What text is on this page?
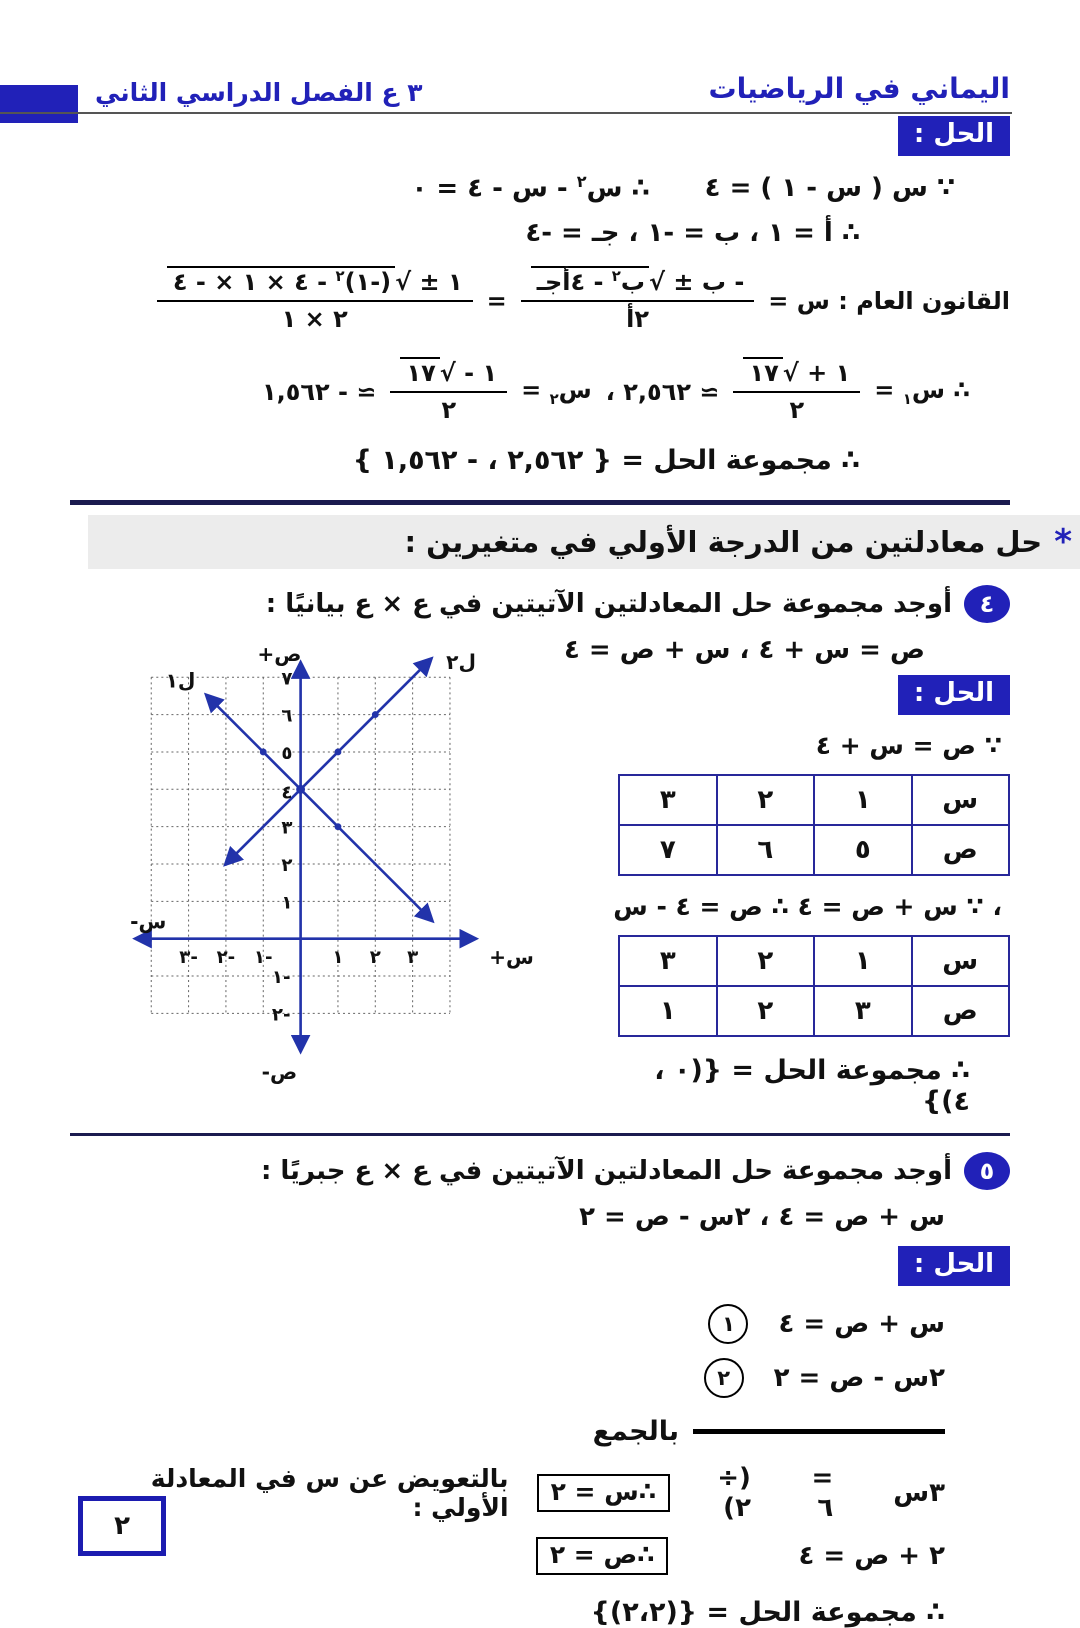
اليماني في الرياضيات
٣ ع الفصل الدراسي الثاني
الحل :
∵ س ( س - ١ ) = ٤
∴ س$^٢$ - س - ٤ = ٠
∴ أ = ١ ، ب = -١ ، جـ = -٤
القانون العام : س =
$\frac{- ب \pm √ب^٢ - ٤أجـ}{\text{٢أ}}$
=
$\frac{١ \pm √(-١)^٢ - ٤ \times ١ \times - ٤}{٢ \times ١}$
∴ س$_١$ =
$\frac{١ + √١٧}{٢}$
≃ ٢,٥٦٢ ،
س$_٢$ =
$\frac{١ - √١٧}{٢}$
≃ - ١,٥٦٢
∴ مجموعة الحل = { ٢,٥٦٢ ، - ١,٥٦٢ }
*
حل معادلتين من الدرجة الأولي في متغيرين :
٤
أوجد مجموعة حل المعادلتين الآتيتين في ع × ع بيانيًا :
ص = س + ٤ ، س + ص = ٤
الحل :
∵ ص = س + ٤
س	١	٢	٣
ص	٥	٦	٧
، ∵ س + ص = ٤ ∴ ص = ٤ - س
س	١	٢	٣
ص	٣	٢	١
∴ مجموعة الحل = {(٠ ، ٤)}
٧
٦
٥
٤
٣
٢
١
١-
٢-
٣- ٢- ١-	١ ٢ ٣
+ص
-ص
+س
-س
ل١
ل٢
٥
أوجد مجموعة حل المعادلتين الآتيتين في ع × ع جبريًا :
س + ص = ٤ ، ٢س - ص = ٢
الحل :
س + ص = ٤
١
٢س - ص = ٢
٢
بالجمع
٣س
= ٦
(÷ ٢)
∴س = ٢
بالتعويض عن س في المعادلة الأولي :
٢ + ص = ٤
∴ص = ٢
∴ مجموعة الحل = {(٢،٢)}
٢
